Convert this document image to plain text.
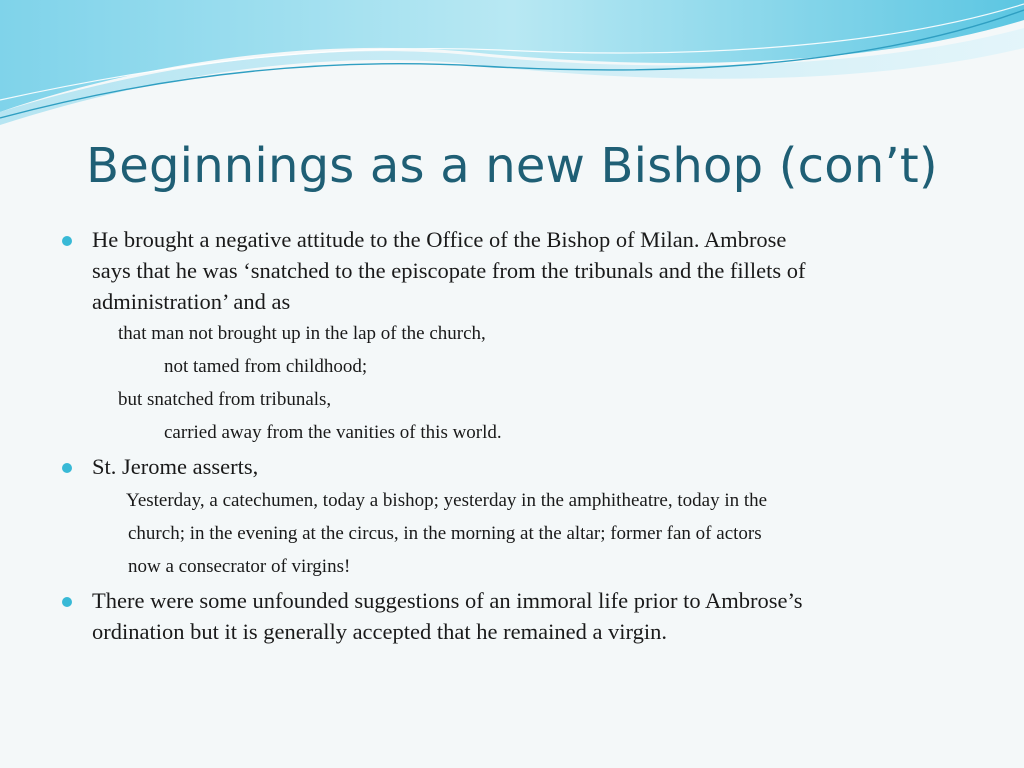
Beginnings as a new Bishop (con’t)
He brought a negative attitude to the Office of the Bishop of Milan. Ambrose
says that he was ‘snatched to the episcopate from the tribunals and the fillets of
administration’ and as
that man not brought up in the lap of the church,
not tamed from childhood;
but snatched from tribunals,
carried away from the vanities of this world.
St. Jerome asserts,
Yesterday, a catechumen, today a bishop; yesterday in the amphitheatre, today in the
church; in the evening at the circus, in the morning at the altar; former fan of actors
now a consecrator of virgins!
There were some unfounded suggestions of an immoral life prior to Ambrose’s
ordination but it is generally accepted that he remained a virgin.
